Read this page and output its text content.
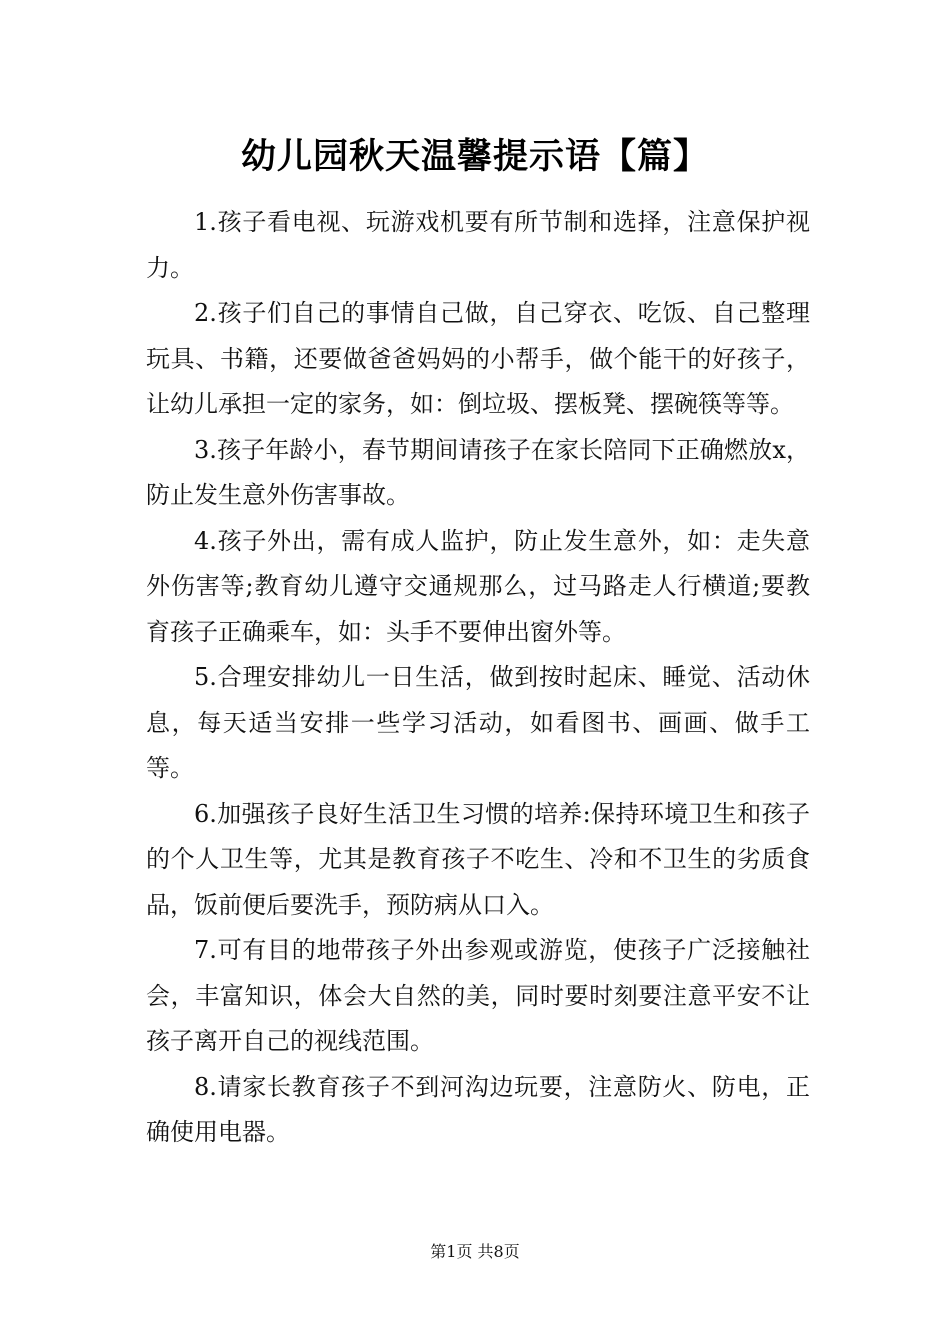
幼儿园秋天温馨提示语【篇】

1.孩子看电视、玩游戏机要有所节制和选择，注意保护视力。

2.孩子们自己的事情自己做，自己穿衣、吃饭、自己整理玩具、书籍，还要做爸爸妈妈的小帮手，做个能干的好孩子，让幼儿承担一定的家务，如：倒垃圾、摆板凳、摆碗筷等等。

3.孩子年龄小，春节期间请孩子在家长陪同下正确燃放x，防止发生意外伤害事故。

4.孩子外出，需有成人监护，防止发生意外，如：走失意外伤害等;教育幼儿遵守交通规那么，过马路走人行横道;要教育孩子正确乘车，如：头手不要伸出窗外等。

5.合理安排幼儿一日生活，做到按时起床、睡觉、活动休息，每天适当安排一些学习活动，如看图书、画画、做手工等。

6.加强孩子良好生活卫生习惯的培养:保持环境卫生和孩子的个人卫生等，尤其是教育孩子不吃生、冷和不卫生的劣质食品，饭前便后要洗手，预防病从口入。

7.可有目的地带孩子外出参观或游览，使孩子广泛接触社会，丰富知识，体会大自然的美，同时要时刻要注意平安不让孩子离开自己的视线范围。

8.请家长教育孩子不到河沟边玩要，注意防火、防电，正确使用电器。

第1页 共8页
